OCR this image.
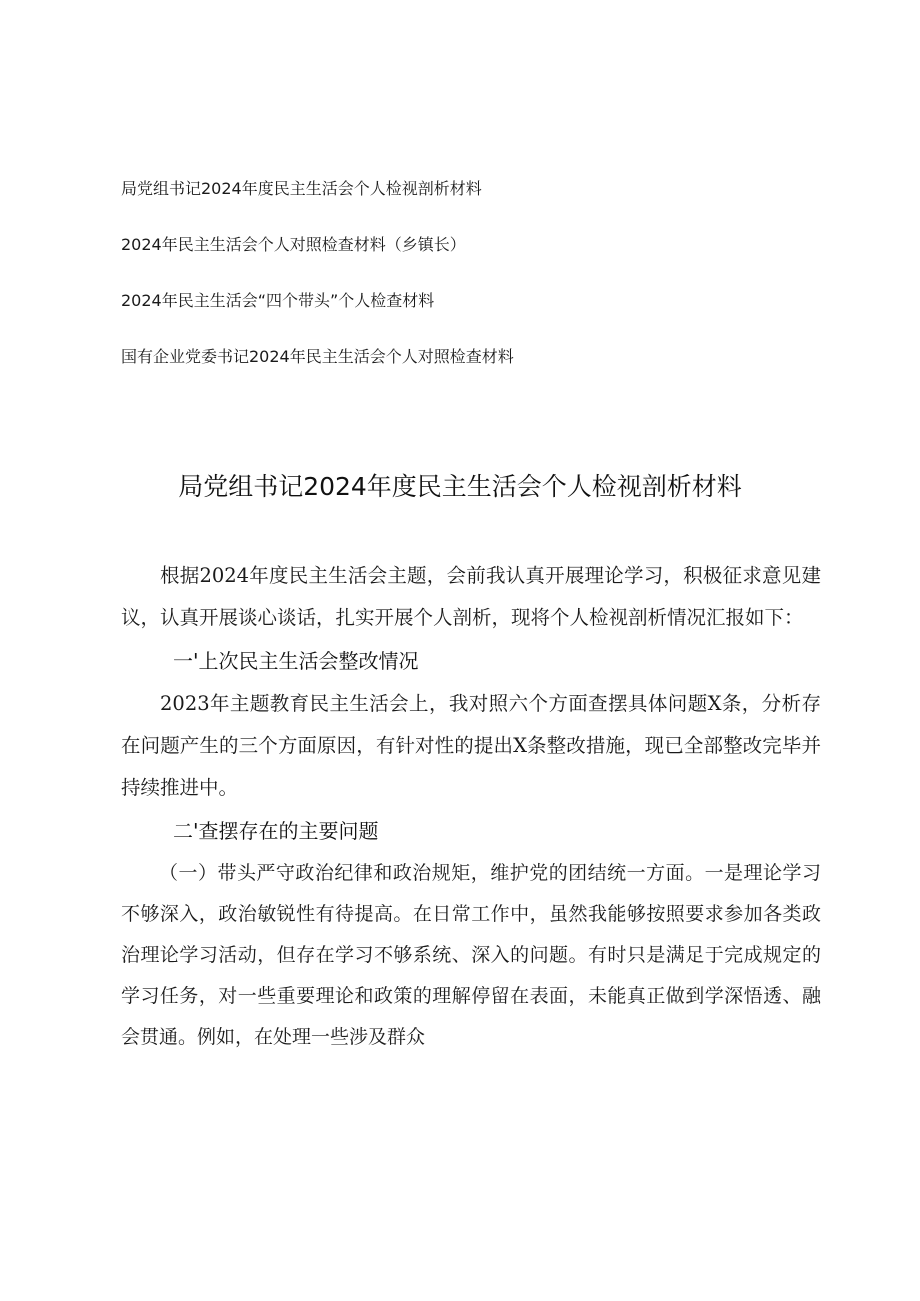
局党组书记2024年度民主生活会个人检视剖析材料
2024年民主生活会个人对照检查材料（乡镇长）
2024年民主生活会“四个带头”个人检查材料
国有企业党委书记2024年民主生活会个人对照检查材料
局党组书记2024年度民主生活会个人检视剖析材料

根据2024年度民主生活会主题，会前我认真开展理论学习，积极征求意见建议，认真开展谈心谈话，扎实开展个人剖析，现将个人检视剖析情况汇报如下：

一'上次民主生活会整改情况

2023年主题教育民主生活会上，我对照六个方面查摆具体问题X条，分析存在问题产生的三个方面原因，有针对性的提出X条整改措施，现已全部整改完毕并持续推进中。

二'查摆存在的主要问题

（一）带头严守政治纪律和政治规矩，维护党的团结统一方面。一是理论学习不够深入，政治敏锐性有待提高。在日常工作中，虽然我能够按照要求参加各类政治理论学习活动，但存在学习不够系统、深入的问题。有时只是满足于完成规定的学习任务，对一些重要理论和政策的理解停留在表面，未能真正做到学深悟透、融会贯通。例如，在处理一些涉及群众
